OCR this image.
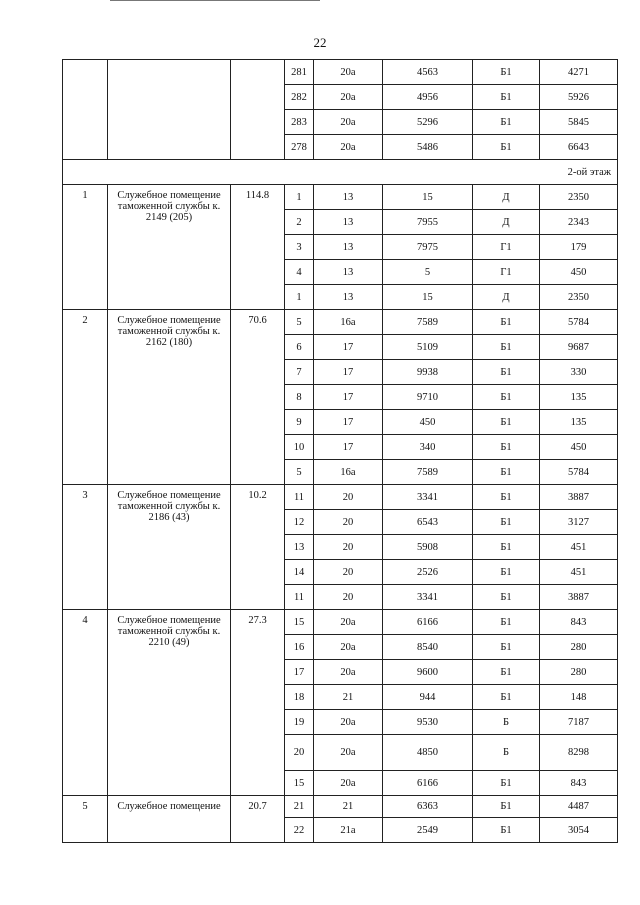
22
			281	20а	4563	Б1	4271
			282	20а	4956	Б1	5926
			283	20а	5296	Б1	5845
			278	20а	5486	Б1	6643
2-ой этаж							
1	Служебное помещение таможенной службы к. 2149 (205)	114.8	1	13	15	Д	2350
			2	13	7955	Д	2343
			3	13	7975	Г1	179
			4	13	5	Г1	450
			1	13	15	Д	2350
2	Служебное помещение таможенной службы к. 2162 (180)	70.6	5	16а	7589	Б1	5784
			6	17	5109	Б1	9687
			7	17	9938	Б1	330
			8	17	9710	Б1	135
			9	17	450	Б1	135
			10	17	340	Б1	450
			5	16а	7589	Б1	5784
3	Служебное помещение таможенной службы к. 2186 (43)	10.2	11	20	3341	Б1	3887
			12	20	6543	Б1	3127
			13	20	5908	Б1	451
			14	20	2526	Б1	451
			11	20	3341	Б1	3887
4	Служебное помещение таможенной службы к. 2210 (49)	27.3	15	20а	6166	Б1	843
			16	20а	8540	Б1	280
			17	20а	9600	Б1	280
			18	21	944	Б1	148
			19	20а	9530	Б	7187
			20	20а	4850	Б	8298
			15	20а	6166	Б1	843
5	Служебное помещение	20.7	21	21	6363	Б1	4487
			22	21а	2549	Б1	3054
